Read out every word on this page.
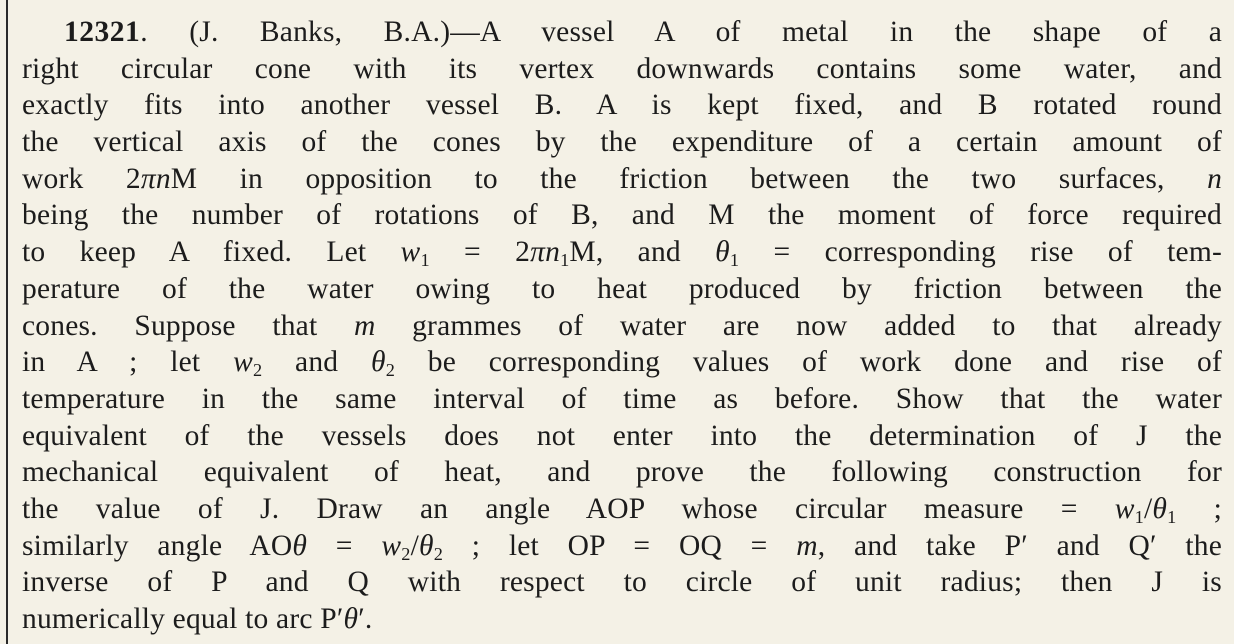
12321. (J. Banks, B.A.)—A vessel A of metal in the shape of a
right circular cone with its vertex downwards contains some water, and
exactly fits into another vessel B. A is kept fixed, and B rotated round
the vertical axis of the cones by the expenditure of a certain amount of
work 2πnM in opposition to the friction between the two surfaces, n
being the number of rotations of B, and M the moment of force required
to keep A fixed. Let $w_1 = 2\pi n_1M$, and $\theta_1$ = corresponding rise of tem-
perature of the water owing to heat produced by friction between the
cones. Suppose that m grammes of water are now added to that already
in A ; let $w_2$ and $\theta_2$ be corresponding values of work done and rise of
temperature in the same interval of time as before. Show that the water
equivalent of the vessels does not enter into the determination of J the
mechanical equivalent of heat, and prove the following construction for
the value of J. Draw an angle AOP whose circular measure = $w_1/\theta_1$ ;
similarly angle $AO\theta = w_2/\theta_2$ ; let OP = OQ = m, and take P′ and Q′ the
inverse of P and Q with respect to circle of unit radius; then J is
numerically equal to arc P′θ′.
